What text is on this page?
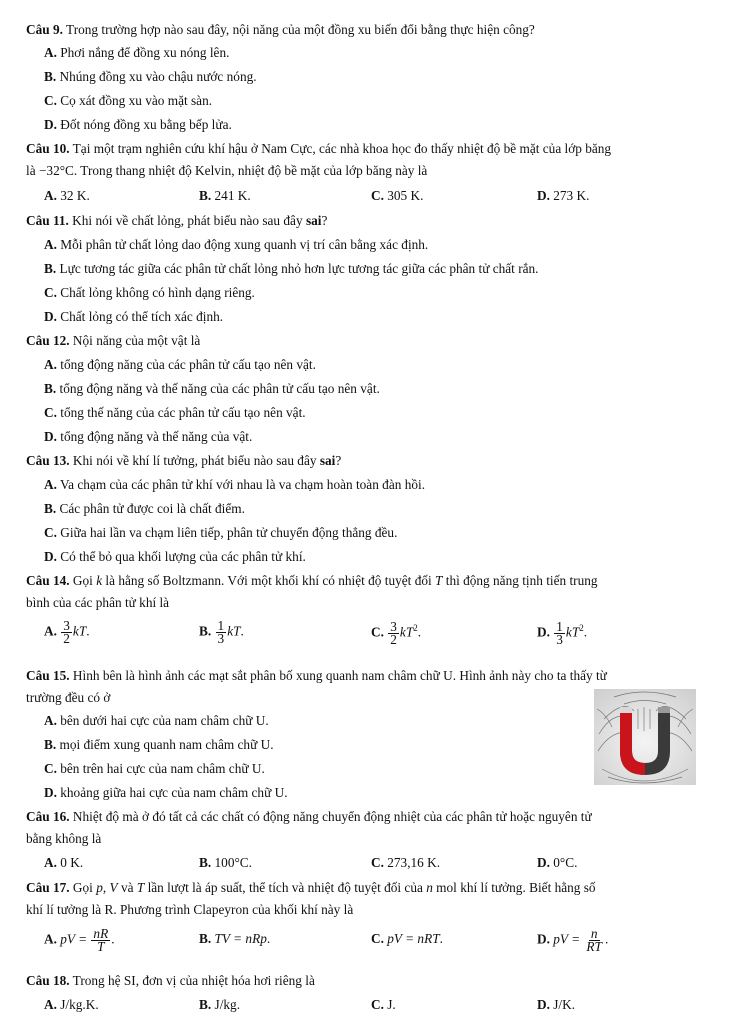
Câu 9. Trong trường hợp nào sau đây, nội năng của một đồng xu biến đổi bằng thực hiện công?
A. Phơi nắng để đồng xu nóng lên.
B. Nhúng đồng xu vào chậu nước nóng.
C. Cọ xát đồng xu vào mặt sàn.
D. Đốt nóng đồng xu bằng bếp lửa.
Câu 10. Tại một trạm nghiên cứu khí hậu ở Nam Cực, các nhà khoa học đo thấy nhiệt độ bề mặt của lớp băng
là −32°C. Trong thang nhiệt độ Kelvin, nhiệt độ bề mặt của lớp băng này là
A. 32 K.	B. 241 K.	C. 305 K.	D. 273 K.
Câu 11. Khi nói về chất lỏng, phát biểu nào sau đây sai?
A. Mỗi phân tử chất lỏng dao động xung quanh vị trí cân bằng xác định.
B. Lực tương tác giữa các phân tử chất lỏng nhỏ hơn lực tương tác giữa các phân tử chất rắn.
C. Chất lỏng không có hình dạng riêng.
D. Chất lỏng có thể tích xác định.
Câu 12. Nội năng của một vật là
A. tổng động năng của các phân tử cấu tạo nên vật.
B. tổng động năng và thế năng của các phân tử cấu tạo nên vật.
C. tổng thế năng của các phân tử cấu tạo nên vật.
D. tổng động năng và thế năng của vật.
Câu 13. Khi nói về khí lí tưởng, phát biểu nào sau đây sai?
A. Va chạm của các phân tử khí với nhau là va chạm hoàn toàn đàn hồi.
B. Các phân tử được coi là chất điểm.
C. Giữa hai lần va chạm liên tiếp, phân tử chuyển động thẳng đều.
D. Có thể bỏ qua khối lượng của các phân tử khí.
Câu 14. Gọi k là hằng số Boltzmann. Với một khối khí có nhiệt độ tuyệt đối T thì động năng tịnh tiến trung
bình của các phân tử khí là
A. $\frac{3}{2}$ kT.	B. $\frac{1}{3}$ kT.	C. $\frac{3}{2} kT^2$.	D. $\frac{1}{3} kT^2$.
Câu 15. Hình bên là hình ảnh các mạt sắt phân bố xung quanh nam châm chữ U. Hình ảnh này cho ta thấy từ
trường đều có ở
A. bên dưới hai cực của nam châm chữ U.
B. mọi điểm xung quanh nam châm chữ U.
C. bên trên hai cực của nam châm chữ U.
D. khoảng giữa hai cực của nam châm chữ U.
Câu 16. Nhiệt độ mà ở đó tất cả các chất có động năng chuyển động nhiệt của các phân tử hoặc nguyên tử
bằng không là
A. 0 K.	B. 100°C.	C. 273,16 K.	D. 0°C.
Câu 17. Gọi p, V và T lần lượt là áp suất, thể tích và nhiệt độ tuyệt đối của n mol khí lí tưởng. Biết hằng số
khí lí tưởng là R. Phương trình Clapeyron của khối khí này là
A. pV = $\frac{nR}{T}$ .	B. TV = nRp.	C. pV = nRT.	D. pV = $\frac{n}{RT}$ .
Câu 18. Trong hệ SI, đơn vị của nhiệt hóa hơi riêng là
A. J/kg.K.	B. J/kg.	C. J.	D. J/K.
